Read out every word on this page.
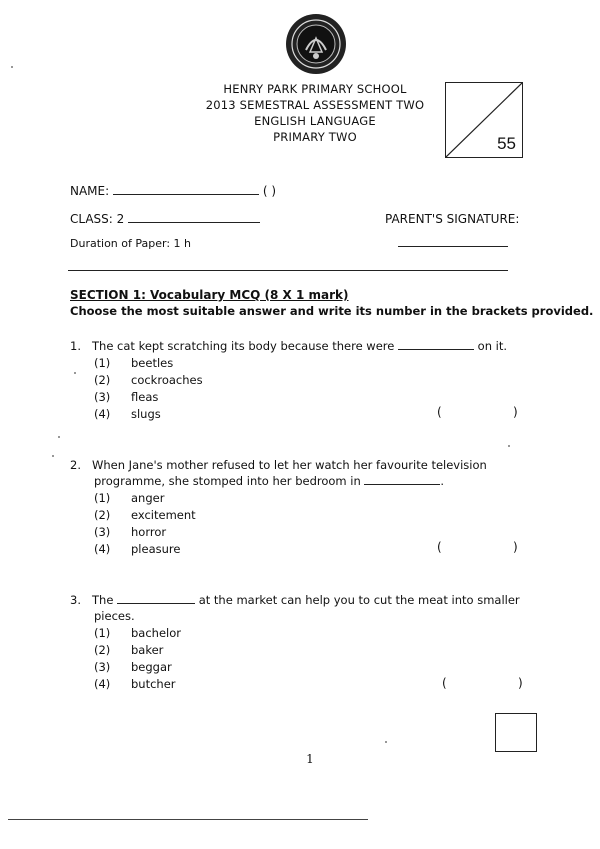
HENRY PARK PRIMARY SCHOOL
2013 SEMESTRAL ASSESSMENT TWO
ENGLISH LANGUAGE
PRIMARY TWO	55
NAME:	( )
CLASS: 2	PARENT'S SIGNATURE:
Duration of Paper: 1 h
SECTION 1: Vocabulary MCQ (8 X 1 mark)
Choose the most suitable answer and write its number in the brackets provided.
1. The cat kept scratching its body because there were	on it.
(1) beetles
(2) cockroaches
(3) fleas
(4) slugs	(	)
2. When Jane's mother refused to let her watch her favourite television
programme, she stomped into her bedroom in	.
(1) anger
(2) excitement
(3) horror
(4) pleasure	(	)
3. The	at the market can help you to cut the meat into smaller
pieces.
(1) bachelor
(2) baker
(3) beggar
(4) butcher	(	)
1
